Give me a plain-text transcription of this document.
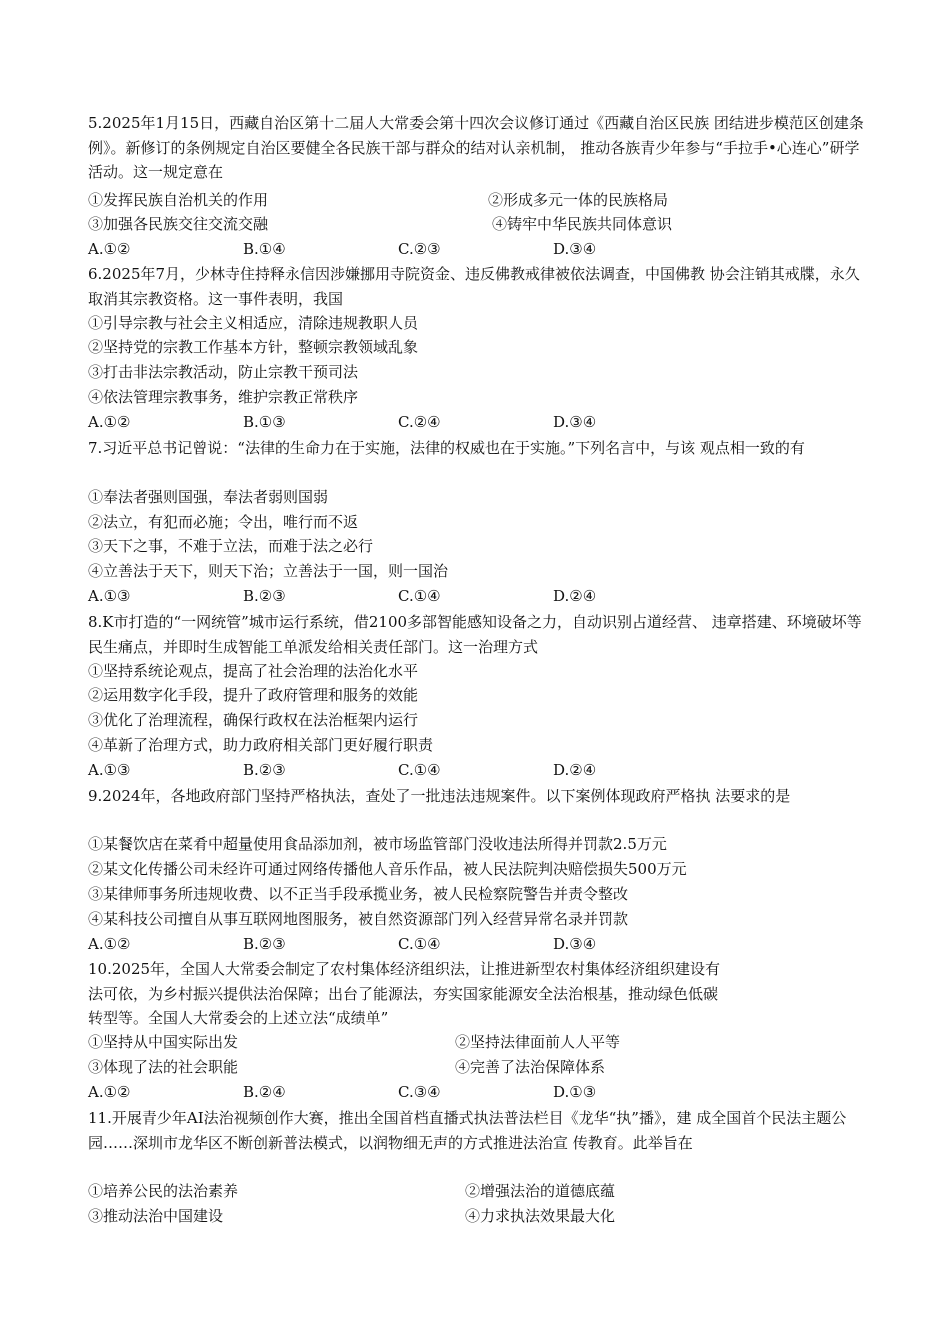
5.2025年1月15日，西藏自治区第十二届人大常委会第十四次会议修订通过《西藏自治区民族 团结进步模范区创建条例》。新修订的条例规定自治区要健全各民族干部与群众的结对认亲机制， 推动各族青少年参与“手拉手•心连心”研学活动。这一规定意在

①发挥民族自治机关的作用	②形成多元一体的民族格局
③加强各民族交往交流交融	④铸牢中华民族共同体意识
A.①②	B.①④	C.②③	D.③④

6.2025年7月，少林寺住持释永信因涉嫌挪用寺院资金、违反佛教戒律被依法调查，中国佛教 协会注销其戒牒，永久取消其宗教资格。这一事件表明，我国

①引导宗教与社会主义相适应，清除违规教职人员
②坚持党的宗教工作基本方针，整顿宗教领域乱象
③打击非法宗教活动，防止宗教干预司法
④依法管理宗教事务，维护宗教正常秩序
A.①②	B.①③	C.②④	D.③④

7.习近平总书记曾说：“法律的生命力在于实施，法律的权威也在于实施。”下列名言中，与该 观点相一致的有

①奉法者强则国强，奉法者弱则国弱
②法立，有犯而必施；令出，唯行而不返
③天下之事，不难于立法，而难于法之必行
④立善法于天下，则天下治；立善法于一国，则一国治
A.①③	B.②③	C.①④	D.②④

8.K市打造的“一网统管”城市运行系统，借2100多部智能感知设备之力，自动识别占道经营、 违章搭建、环境破坏等民生痛点，并即时生成智能工单派发给相关责任部门。这一治理方式

①坚持系统论观点，提高了社会治理的法治化水平
②运用数字化手段，提升了政府管理和服务的效能
③优化了治理流程，确保行政权在法治框架内运行
④革新了治理方式，助力政府相关部门更好履行职责
A.①③	B.②③	C.①④	D.②④

9.2024年，各地政府部门坚持严格执法，查处了一批违法违规案件。以下案例体现政府严格执 法要求的是

①某餐饮店在菜肴中超量使用食品添加剂，被市场监管部门没收违法所得并罚款2.5万元
②某文化传播公司未经许可通过网络传播他人音乐作品，被人民法院判决赔偿损失500万元
③某律师事务所违规收费、以不正当手段承揽业务，被人民检察院警告并责令整改
④某科技公司擅自从事互联网地图服务，被自然资源部门列入经营异常名录并罚款
A.①②	B.②③	C.①④	D.③④
10.2025年，全国人大常委会制定了农村集体经济组织法，让推进新型农村集体经济组织建设有
法可依，为乡村振兴提供法治保障；出台了能源法，夯实国家能源安全法治根基，推动绿色低碳
转型等。全国人大常委会的上述立法“成绩单”
①坚持从中国实际出发	②坚持法律面前人人平等
③体现了法的社会职能	④完善了法治保障体系
A.①②	B.②④	C.③④	D.①③

11.开展青少年AI法治视频创作大赛，推出全国首档直播式执法普法栏目《龙华“执”播》，建 成全国首个民法主题公园……深圳市龙华区不断创新普法模式，以润物细无声的方式推进法治宣 传教育。此举旨在

①培养公民的法治素养	②增强法治的道德底蕴
③推动法治中国建设	④力求执法效果最大化
